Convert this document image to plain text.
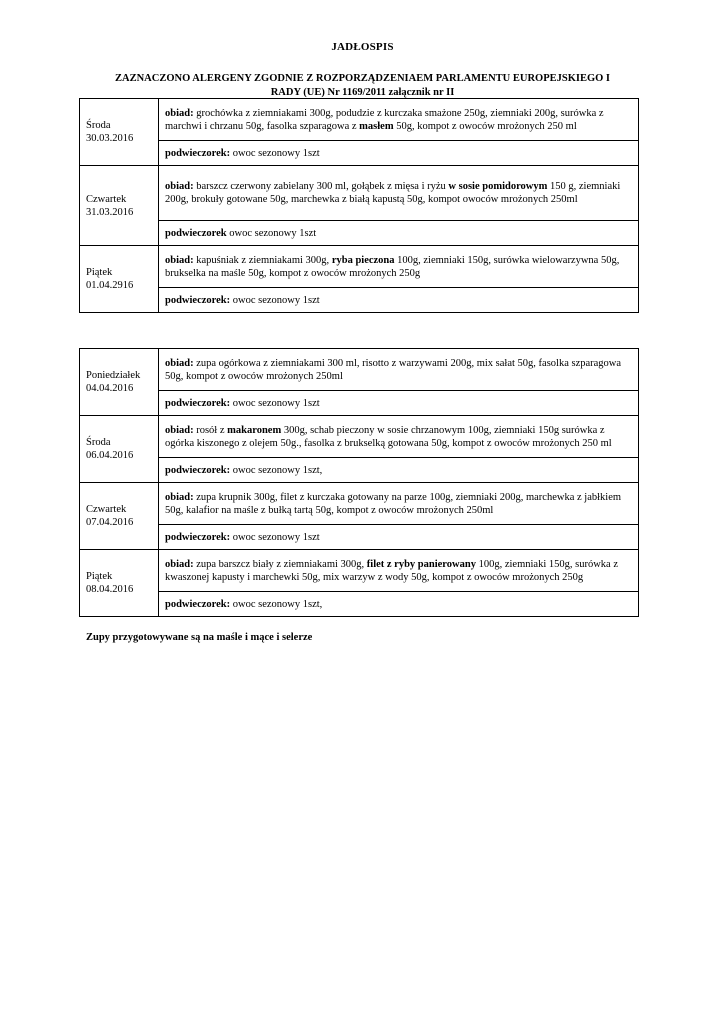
JADŁOSPIS
ZAZNACZONO ALERGENY ZGODNIE Z ROZPORZĄDZENIAEM PARLAMENTU EUROPEJSKIEGO I
RADY (UE) Nr 1169/2011 załącznik nr II
Środa
30.03.2016	obiad: grochówka z ziemniakami 300g, podudzie z kurczaka smażone 250g, ziemniaki 200g, surówka z marchwi i chrzanu 50g, fasolka szparagowa z masłem 50g, kompot z owoców mrożonych 250 ml
	podwieczorek: owoc sezonowy 1szt

Czwartek
31.03.2016	obiad: barszcz czerwony zabielany 300 ml, gołąbek z mięsa i ryżu w sosie pomidorowym 150 g, ziemniaki 200g, brokuły gotowane 50g, marchewka z białą kapustą 50g, kompot owoców mrożonych 250ml
	podwieczorek owoc sezonowy 1szt

Piątek
01.04.2916	obiad: kapuśniak z ziemniakami 300g, ryba pieczona 100g, ziemniaki 150g, surówka wielowarzywna 50g, brukselka na maśle 50g, kompot z owoców mrożonych 250g
	podwieczorek: owoc sezonowy 1szt
Poniedziałek
04.04.2016	obiad: zupa ogórkowa z ziemniakami 300 ml, risotto z warzywami 200g, mix sałat 50g, fasolka szparagowa 50g, kompot z owoców mrożonych 250ml
	podwieczorek: owoc sezonowy 1szt

Środa
06.04.2016	obiad: rosół z makaronem 300g, schab pieczony w sosie chrzanowym 100g, ziemniaki 150g surówka z ogórka kiszonego z olejem 50g., fasolka z brukselką gotowana 50g, kompot z owoców mrożonych 250 ml
	podwieczorek: owoc sezonowy 1szt,

Czwartek
07.04.2016	obiad: zupa krupnik 300g, filet z kurczaka gotowany na parze 100g, ziemniaki 200g, marchewka z jabłkiem 50g, kalafior na maśle z bułką tartą 50g, kompot z owoców mrożonych 250ml
	podwieczorek: owoc sezonowy 1szt

Piątek
08.04.2016	obiad: zupa barszcz biały z ziemniakami 300g, filet z ryby panierowany 100g, ziemniaki 150g, surówka z kwaszonej kapusty i marchewki 50g, mix warzyw z wody 50g, kompot z owoców mrożonych 250g
	podwieczorek: owoc sezonowy 1szt,
Zupy przygotowywane są na maśle i mące i selerze
